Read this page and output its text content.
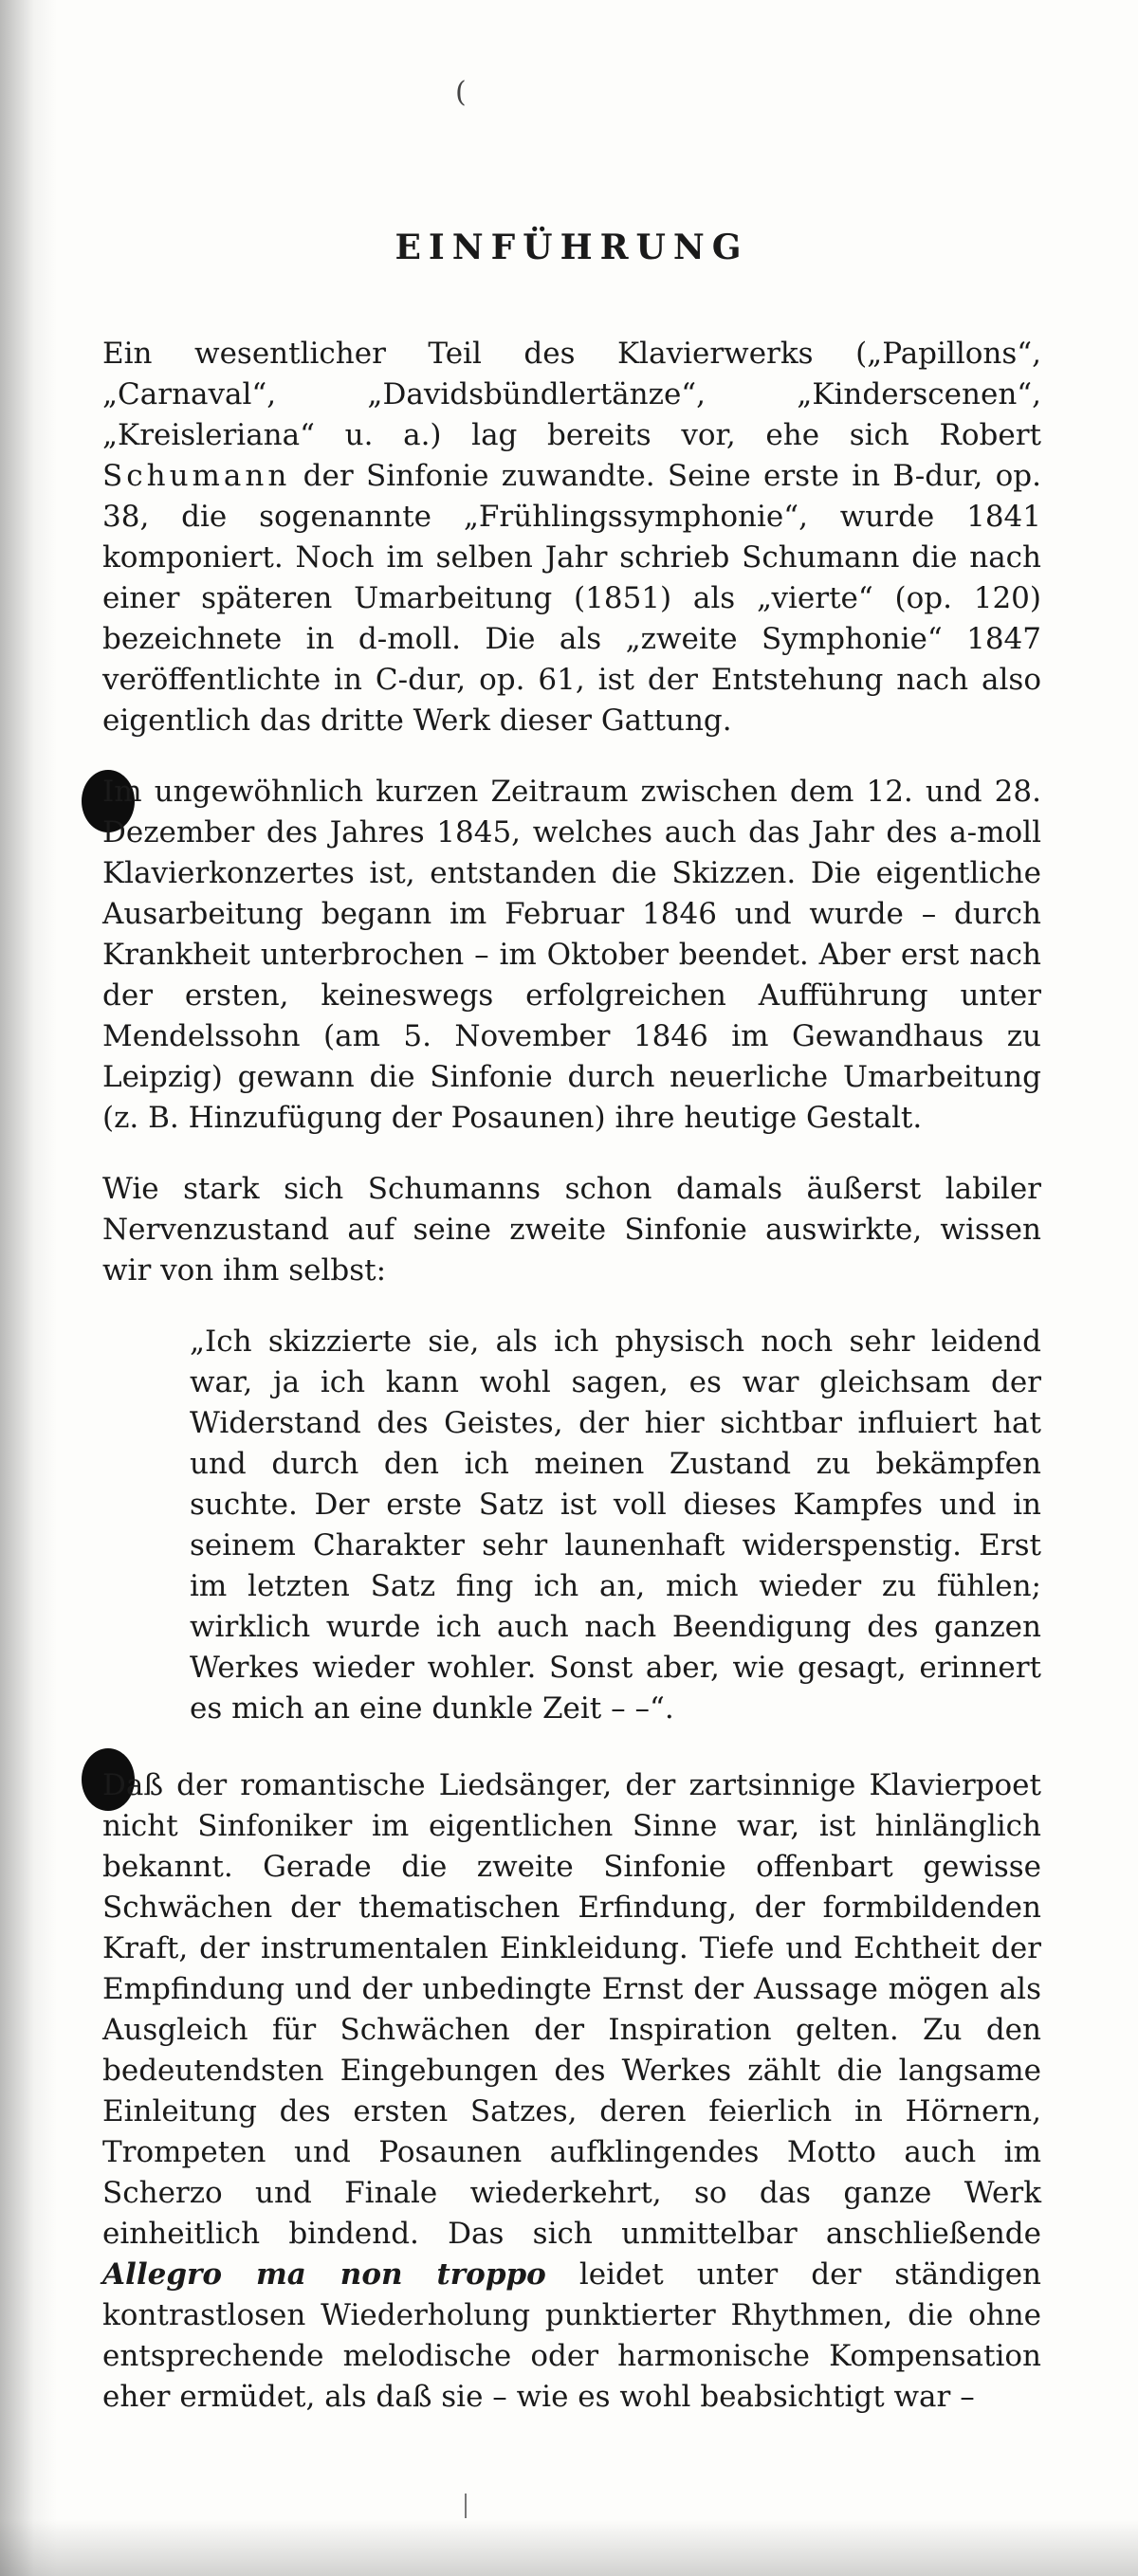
(
EINFÜHRUNG

Ein wesentlicher Teil des Klavierwerks („Papillons“, „Carnaval“, „Davidsbündlertänze“, „Kinderscenen“, „Kreisleriana“ u. a.) lag bereits vor, ehe sich Robert Schumann der Sinfonie zuwandte. Seine erste in B-dur, op. 38, die sogenannte „Frühlingssymphonie“, wurde 1841 komponiert. Noch im selben Jahr schrieb Schumann die nach einer späteren Umarbeitung (1851) als „vierte“ (op. 120) bezeichnete in d-moll. Die als „zweite Symphonie“ 1847 veröffentlichte in C-dur, op. 61, ist der Entstehung nach also eigentlich das dritte Werk dieser Gattung.

Im ungewöhnlich kurzen Zeitraum zwischen dem 12. und 28. Dezember des Jahres 1845, welches auch das Jahr des a-moll Klavierkonzertes ist, entstanden die Skizzen. Die eigentliche Ausarbeitung begann im Februar 1846 und wurde – durch Krankheit unterbrochen – im Oktober beendet. Aber erst nach der ersten, keineswegs erfolgreichen Aufführung unter Mendelssohn (am 5. November 1846 im Gewandhaus zu Leipzig) gewann die Sinfonie durch neuerliche Umarbeitung (z. B. Hinzufügung der Posaunen) ihre heutige Gestalt.

Wie stark sich Schumanns schon damals äußerst labiler Nervenzustand auf seine zweite Sinfonie auswirkte, wissen wir von ihm selbst:

„Ich skizzierte sie, als ich physisch noch sehr leidend war, ja ich kann wohl sagen, es war gleichsam der Widerstand des Geistes, der hier sichtbar influiert hat und durch den ich meinen Zustand zu bekämpfen suchte. Der erste Satz ist voll dieses Kampfes und in seinem Charakter sehr launenhaft widerspenstig. Erst im letzten Satz fing ich an, mich wieder zu fühlen; wirklich wurde ich auch nach Beendigung des ganzen Werkes wieder wohler. Sonst aber, wie gesagt, erinnert es mich an eine dunkle Zeit – –“.

Daß der romantische Liedsänger, der zartsinnige Klavierpoet nicht Sinfoniker im eigentlichen Sinne war, ist hinlänglich bekannt. Gerade die zweite Sinfonie offenbart gewisse Schwächen der thematischen Erfindung, der formbildenden Kraft, der instrumentalen Einkleidung. Tiefe und Echtheit der Empfindung und der unbedingte Ernst der Aussage mögen als Ausgleich für Schwächen der Inspiration gelten. Zu den bedeutendsten Eingebungen des Werkes zählt die langsame Einleitung des ersten Satzes, deren feierlich in Hörnern, Trompeten und Posaunen aufklingendes Motto auch im Scherzo und Finale wiederkehrt, so das ganze Werk einheitlich bindend. Das sich unmittelbar anschließende Allegro ma non troppo leidet unter der ständigen kontrastlosen Wiederholung punktierter Rhythmen, die ohne entsprechende melodische oder harmonische Kompensation eher ermüdet, als daß sie – wie es wohl beabsichtigt war –
